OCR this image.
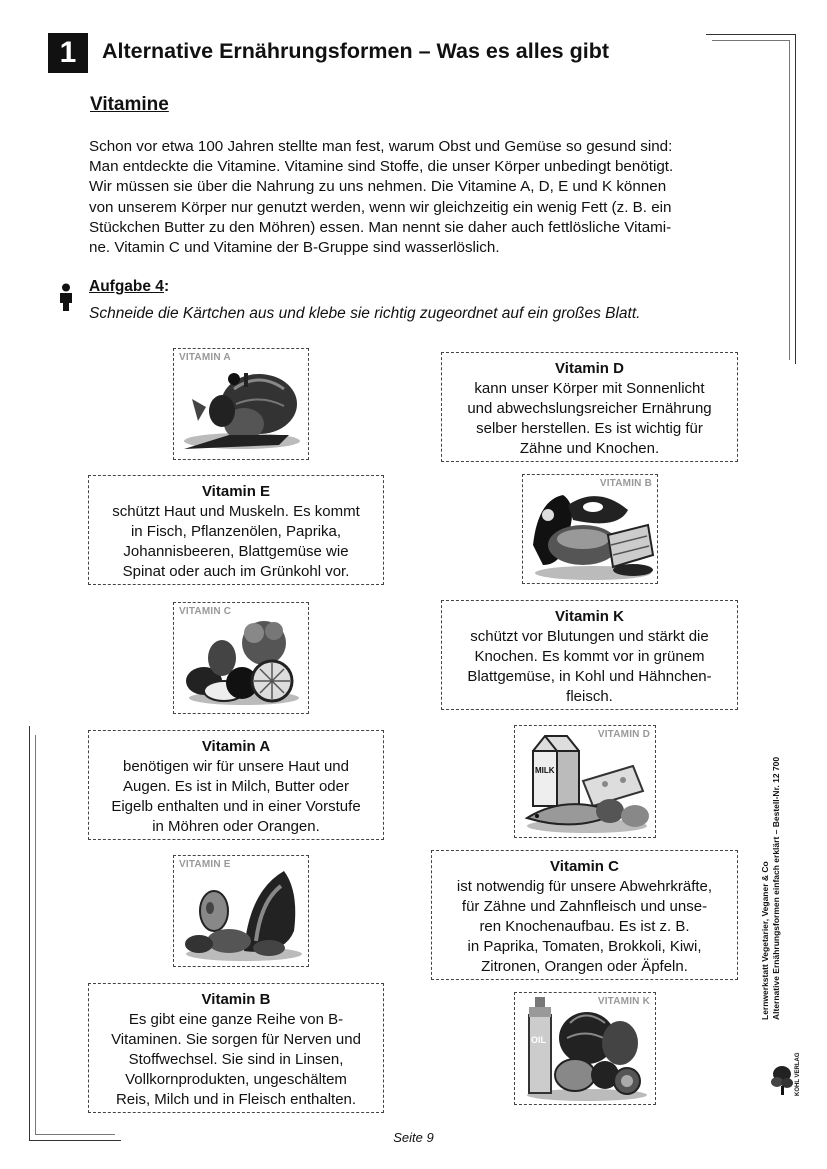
1	Alternative Ernährungsformen – Was es alles gibt
Vitamine
Schon vor etwa 100 Jahren stellte man fest, warum Obst und Gemüse so gesund sind:
Man entdeckte die Vitamine. Vitamine sind Stoffe, die unser Körper unbedingt benötigt.
Wir müssen sie über die Nahrung zu uns nehmen. Die Vitamine A, D, E und K können
von unserem Körper nur genutzt werden, wenn wir gleichzeitig ein wenig Fett (z. B. ein
Stückchen Butter zu den Möhren) essen. Man nennt sie daher auch fettlösliche Vitami-
ne. Vitamin C und Vitamine der B-Gruppe sind wasserlöslich.
Aufgabe 4:
Schneide die Kärtchen aus und klebe sie richtig zugeordnet auf ein großes Blatt.
VITAMIN A
Vitamin E
schützt Haut und Muskeln. Es kommt
in Fisch, Pflanzenölen, Paprika,
Johannisbeeren, Blattgemüse wie
Spinat oder auch im Grünkohl vor.
VITAMIN C
Vitamin A
benötigen wir für unsere Haut und
Augen. Es ist in Milch, Butter oder
Eigelb enthalten und in einer Vorstufe
in Möhren oder Orangen.
VITAMIN E
Vitamin B
Es gibt eine ganze Reihe von B-
Vitaminen. Sie sorgen für Nerven und
Stoffwechsel. Sie sind in Linsen,
Vollkornprodukten, ungeschältem
Reis, Milch und in Fleisch enthalten.
Vitamin D
kann unser Körper mit Sonnenlicht
und abwechslungsreicher Ernährung
selber herstellen. Es ist wichtig für
Zähne und Knochen.
VITAMIN B
Vitamin K
schützt vor Blutungen und stärkt die
Knochen. Es kommt vor in grünem
Blattgemüse, in Kohl und Hähnchen-
fleisch.
MILK
VITAMIN D
Vitamin C
ist notwendig für unsere Abwehrkräfte,
für Zähne und Zahnfleisch und unse-
ren Knochenaufbau. Es ist z. B.
in Paprika, Tomaten, Brokkoli, Kiwi,
Zitronen, Orangen oder Äpfeln.
OIL
VITAMIN K	Lernwerkstatt Vegetarier, Veganer & Co Alternative Ernährungsformen einfach erklärt – Bestell-Nr. 12 700
KOHL VERLAG
Seite 9
